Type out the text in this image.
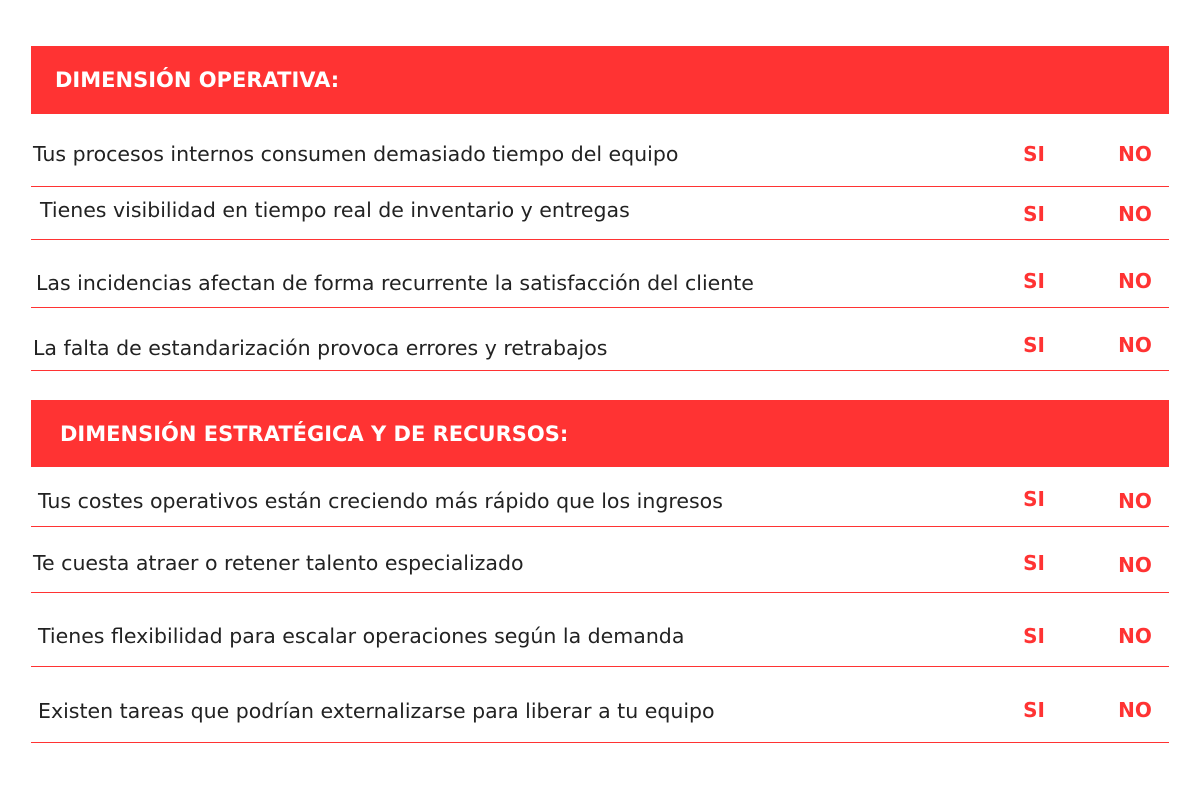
DIMENSIÓN OPERATIVA:
Tus procesos internos consumen demasiado tiempo del equipo	SI	NO
Tienes visibilidad en tiempo real de inventario y entregas	SI	NO
Las incidencias afectan de forma recurrente la satisfacción del cliente	SI	NO
La falta de estandarización provoca errores y retrabajos	SI	NO
DIMENSIÓN ESTRATÉGICA Y DE RECURSOS:
Tus costes operativos están creciendo más rápido que los ingresos	SI	NO
Te cuesta atraer o retener talento especializado	SI	NO
Tienes flexibilidad para escalar operaciones según la demanda	SI	NO
Existen tareas que podrían externalizarse para liberar a tu equipo	SI	NO
